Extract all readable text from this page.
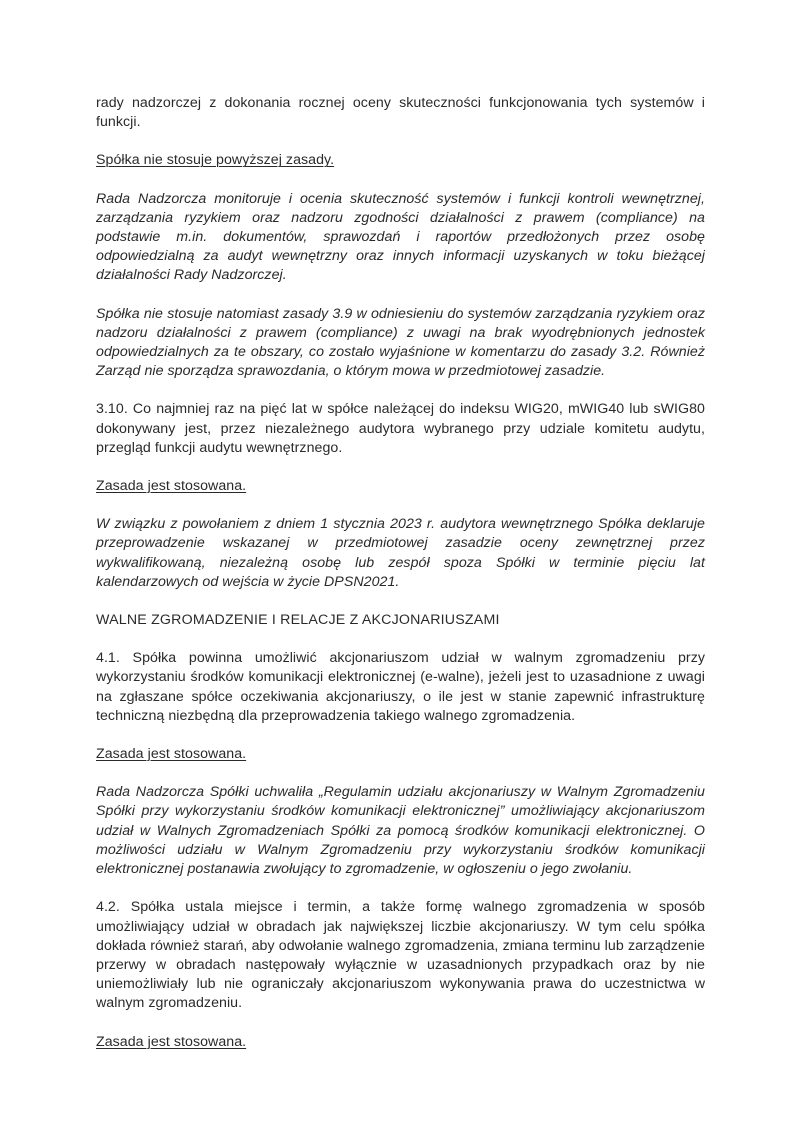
rady nadzorczej z dokonania rocznej oceny skuteczności funkcjonowania tych systemów i funkcji.

Spółka nie stosuje powyższej zasady.

Rada Nadzorcza monitoruje i ocenia skuteczność systemów i funkcji kontroli wewnętrznej, zarządzania ryzykiem oraz nadzoru zgodności działalności z prawem (compliance) na podstawie m.in. dokumentów, sprawozdań i raportów przedłożonych przez osobę odpowiedzialną za audyt wewnętrzny oraz innych informacji uzyskanych w toku bieżącej działalności Rady Nadzorczej.

Spółka nie stosuje natomiast zasady 3.9 w odniesieniu do systemów zarządzania ryzykiem oraz nadzoru działalności z prawem (compliance) z uwagi na brak wyodrębnionych jednostek odpowiedzialnych za te obszary, co zostało wyjaśnione w komentarzu do zasady 3.2. Również Zarząd nie sporządza sprawozdania, o którym mowa w przedmiotowej zasadzie.

3.10. Co najmniej raz na pięć lat w spółce należącej do indeksu WIG20, mWIG40 lub sWIG80 dokonywany jest, przez niezależnego audytora wybranego przy udziale komitetu audytu, przegląd funkcji audytu wewnętrznego.

Zasada jest stosowana.

W związku z powołaniem z dniem 1 stycznia 2023 r. audytora wewnętrznego Spółka deklaruje przeprowadzenie wskazanej w przedmiotowej zasadzie oceny zewnętrznej przez wykwalifikowaną, niezależną osobę lub zespół spoza Spółki w terminie pięciu lat kalendarzowych od wejścia w życie DPSN2021.

WALNE ZGROMADZENIE I RELACJE Z AKCJONARIUSZAMI

4.1. Spółka powinna umożliwić akcjonariuszom udział w walnym zgromadzeniu przy wykorzystaniu środków komunikacji elektronicznej (e-walne), jeżeli jest to uzasadnione z uwagi na zgłaszane spółce oczekiwania akcjonariuszy, o ile jest w stanie zapewnić infrastrukturę techniczną niezbędną dla przeprowadzenia takiego walnego zgromadzenia.

Zasada jest stosowana.

Rada Nadzorcza Spółki uchwaliła „Regulamin udziału akcjonariuszy w Walnym Zgromadzeniu Spółki przy wykorzystaniu środków komunikacji elektronicznej” umożliwiający akcjonariuszom udział w Walnych Zgromadzeniach Spółki za pomocą środków komunikacji elektronicznej. O możliwości udziału w Walnym Zgromadzeniu przy wykorzystaniu środków komunikacji elektronicznej postanawia zwołujący to zgromadzenie, w ogłoszeniu o jego zwołaniu.

4.2. Spółka ustala miejsce i termin, a także formę walnego zgromadzenia w sposób umożliwiający udział w obradach jak największej liczbie akcjonariuszy. W tym celu spółka dokłada również starań, aby odwołanie walnego zgromadzenia, zmiana terminu lub zarządzenie przerwy w obradach następowały wyłącznie w uzasadnionych przypadkach oraz by nie uniemożliwiały lub nie ograniczały akcjonariuszom wykonywania prawa do uczestnictwa w walnym zgromadzeniu.

Zasada jest stosowana.
